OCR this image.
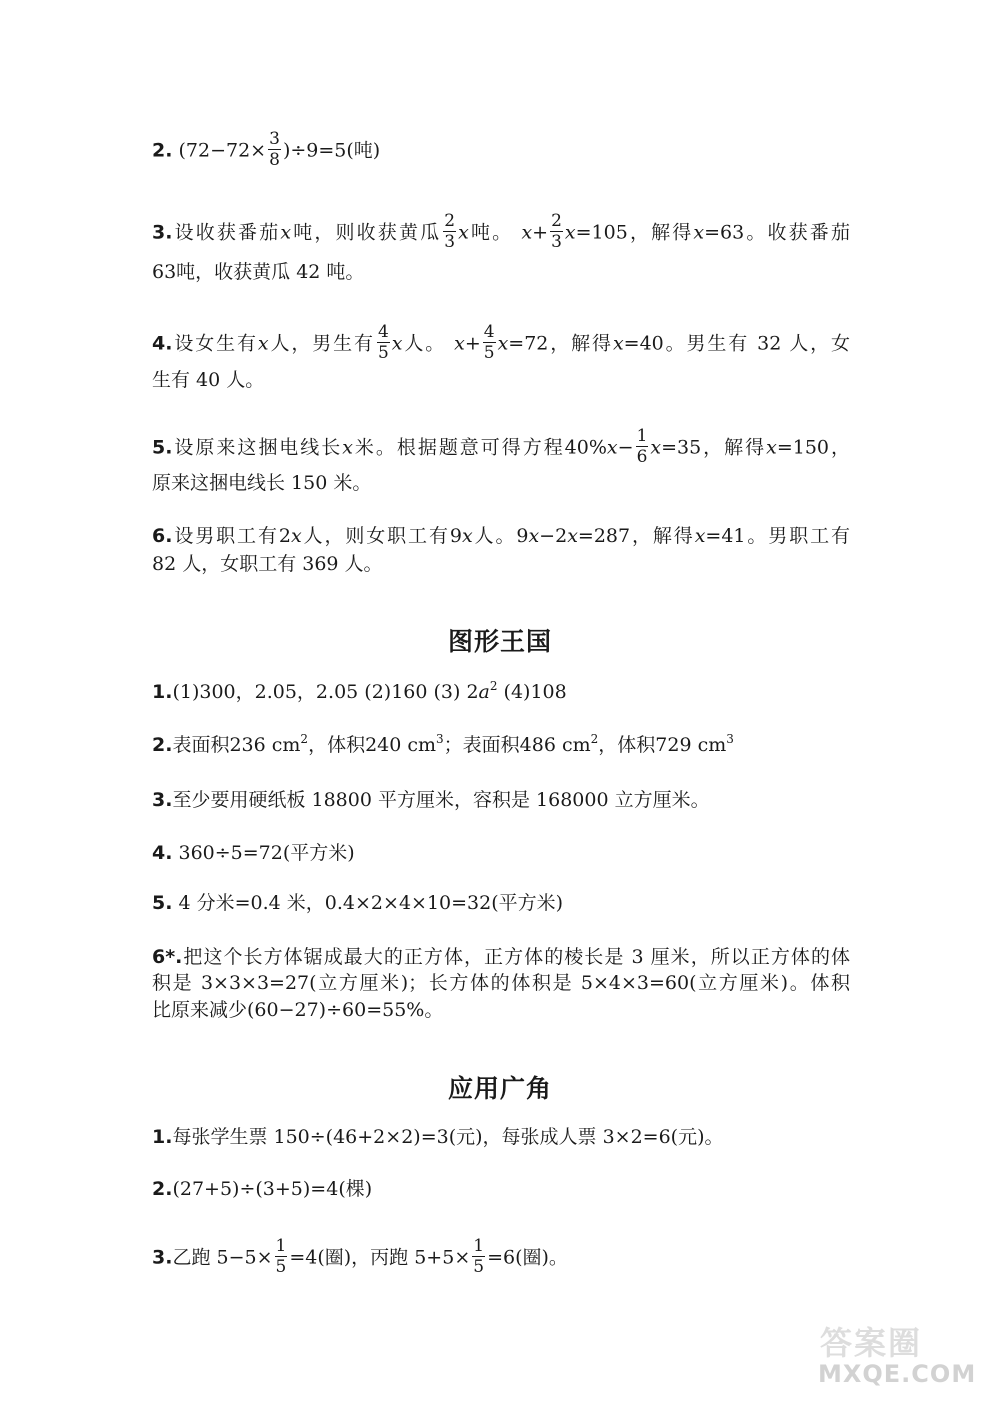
2. $(72-72\times \frac{3}{8} )\div 9=5$(吨)
3.设收获番茄x吨，则收获黄瓜 $\frac{2}{3}$ x吨。 $x+ \frac{2}{3} x=105$，解得x=63。收获番茄
63吨，收获黄瓜 42 吨。
4.设女生有x人，男生有 $\frac{4}{5}$ x人。 $x+ \frac{4}{5} x=72$，解得x=40。男生有 32 人，女
生有 40 人。
5.设原来这捆电线长x米。根据题意可得方程$40\%x- \frac{1}{6} x=35$，解得x=150，
原来这捆电线长 150 米。
6.设男职工有2x人，则女职工有9x人。9x−2x=287，解得x=41。男职工有
82 人，女职工有 369 人。
图形王国
1.(1)300，2.05，2.05 (2)160 (3) $2a^2$ (4)108
2.表面积236 $cm^2$，体积240 $cm^3$；表面积486 $cm^2$，体积729 $cm^3$
3.至少要用硬纸板 18800 平方厘米，容积是 168000 立方厘米。
4. 360÷5=72(平方米)
5. 4 分米=0.4 米，0.4×2×4×10=32(平方米)
6*.把这个长方体锯成最大的正方体，正方体的棱长是 3 厘米，所以正方体的体
积是 3×3×3=27(立方厘米)；长方体的体积是 5×4×3=60(立方厘米)。体积
比原来减少(60−27)÷60=55%。
应用广角
1.每张学生票 150÷(46+2×2)=3(元)，每张成人票 3×2=6(元)。
2.(27+5)÷(3+5)=4(棵)
3.乙跑 $5-5\times \frac{1}{5} =4$(圈)，丙跑 $5+5\times \frac{1}{5} =6$(圈)。
答案圈
MXQE.COM
